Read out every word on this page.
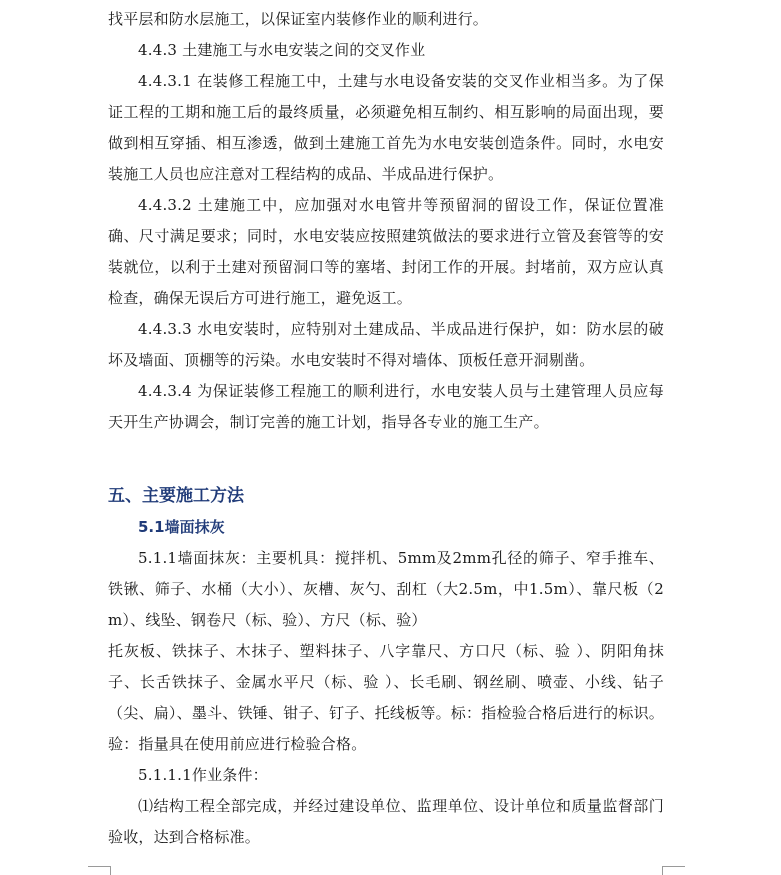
找平层和防水层施工，以保证室内装修作业的顺利进行。

4.4.3 土建施工与水电安装之间的交叉作业

4.4.3.1 在装修工程施工中，土建与水电设备安装的交叉作业相当多。为了保证工程的工期和施工后的最终质量，必须避免相互制约、相互影响的局面出现，要做到相互穿插、相互渗透，做到土建施工首先为水电安装创造条件。同时，水电安装施工人员也应注意对工程结构的成品、半成品进行保护。

4.4.3.2 土建施工中，应加强对水电管井等预留洞的留设工作，保证位置准确、尺寸满足要求；同时，水电安装应按照建筑做法的要求进行立管及套管等的安装就位，以利于土建对预留洞口等的塞堵、封闭工作的开展。封堵前，双方应认真检查，确保无误后方可进行施工，避免返工。

4.4.3.3 水电安装时，应特别对土建成品、半成品进行保护，如：防水层的破坏及墙面、顶棚等的污染。水电安装时不得对墙体、顶板任意开洞剔凿。

4.4.3.4 为保证装修工程施工的顺利进行，水电安装人员与土建管理人员应每天开生产协调会，制订完善的施工计划，指导各专业的施工生产。

五、主要施工方法
5.1墙面抹灰

5.1.1墙面抹灰：主要机具：搅拌机、5mm及2mm孔径的筛子、窄手推车、铁锹、筛子、水桶（大小）、灰槽、灰勺、刮杠（大2.5m，中1.5m）、靠尺板（2m）、线坠、钢卷尺（标、验）、方尺（标、验）

托灰板、铁抹子、木抹子、塑料抹子、八字靠尺、方口尺（标、验 ）、阴阳角抹子、长舌铁抹子、金属水平尺（标、验 ）、长毛刷、钢丝刷、喷壶、小线、钻子（尖、扁）、墨斗、铁锤、钳子、钉子、托线板等。标：指检验合格后进行的标识。验：指量具在使用前应进行检验合格。

5.1.1.1作业条件：

⑴结构工程全部完成，并经过建设单位、监理单位、设计单位和质量监督部门验收，达到合格标准。
